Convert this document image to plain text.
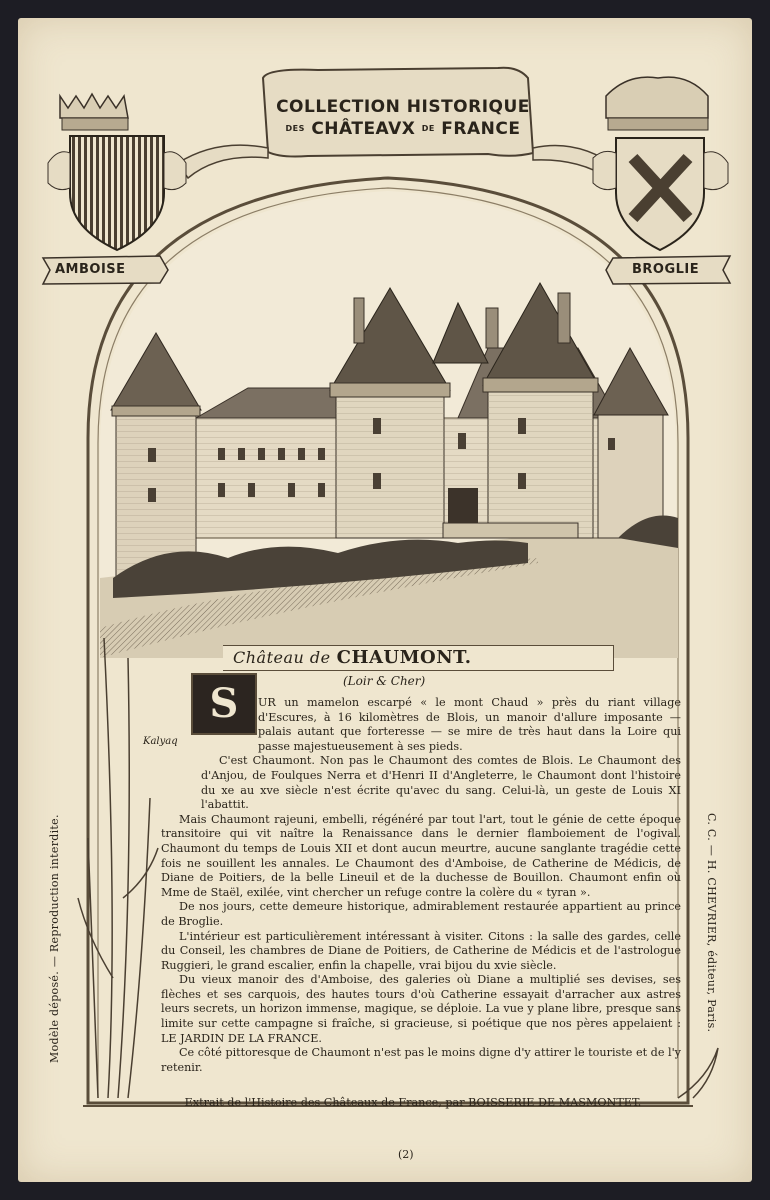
COLLECTION HISTORIQUE
DES CHÂTEAVX DE FRANCE
AMBOISE	BROGLIE
Château de CHAUMONT.
(Loir & Cher)
Kalyaq
S	UR un mamelon escarpé « le mont Chaud » près du riant village d'Escures, à 16 kilomètres de Blois, un manoir d'allure imposante — palais autant que forteresse — se mire de très haut dans la Loire qui passe majestueusement à ses pieds.

C'est Chaumont. Non pas le Chaumont des comtes de Blois. Le Chaumont des d'Anjou, de Foulques Nerra et d'Henri II d'Angleterre, le Chaumont dont l'histoire du xe au xve siècle n'est écrite qu'avec du sang. Celui-là, un geste de Louis XI l'abattit.

Mais Chaumont rajeuni, embelli, régénéré par tout l'art, tout le génie de cette époque transitoire qui vit naître la Renaissance dans le dernier flamboiement de l'ogival. Chaumont du temps de Louis XII et dont aucun meurtre, aucune sanglante tragédie cette fois ne souillent les annales. Le Chaumont des d'Amboise, de Catherine de Médicis, de Diane de Poitiers, de la belle Lineuil et de la duchesse de Bouillon. Chaumont enfin où Mme de Staël, exilée, vint chercher un refuge contre la colère du « tyran ».

De nos jours, cette demeure historique, admirablement restaurée appartient au prince de Broglie.

L'intérieur est particulièrement intéressant à visiter. Citons : la salle des gardes, celle du Conseil, les chambres de Diane de Poitiers, de Catherine de Médicis et de l'astrologue Ruggieri, le grand escalier, enfin la chapelle, vrai bijou du xvie siècle.

Du vieux manoir des d'Amboise, des galeries où Diane a multiplié ses devises, ses flèches et ses carquois, des hautes tours d'où Catherine essayait d'arracher aux astres leurs secrets, un horizon immense, magique, se déploie. La vue y plane libre, presque sans limite sur cette campagne si fraîche, si gracieuse, si poétique que nos pères appelaient : LE JARDIN DE LA FRANCE.

Ce côté pittoresque de Chaumont n'est pas le moins digne d'y attirer le touriste et de l'y retenir.

Extrait de l'Histoire des Châteaux de France, par BOISSERIE DE MASMONTET.
(2)
Modèle déposé. — Reproduction interdite.	C. C. — H. CHEVRIER, éditeur, Paris.
